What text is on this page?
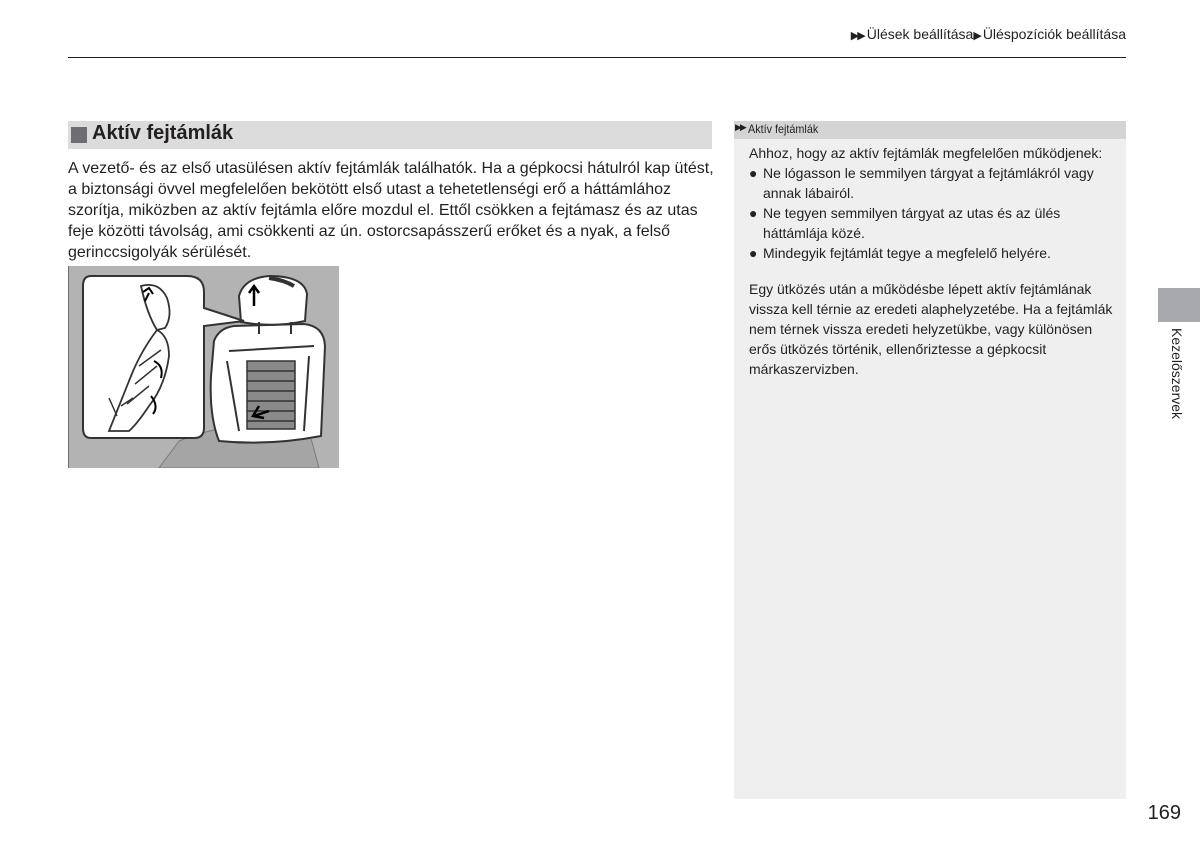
▶▶ Ülések beállítása▶Üléspozíciók beállítása
Aktív fejtámlák

A vezető- és az első utasülésen aktív fejtámlák találhatók. Ha a gépkocsi hátulról kap ütést, a biztonsági övvel megfelelően bekötött első utast a tehetetlenségi erő a háttámlához szorítja, miközben az aktív fejtámla előre mozdul el. Ettől csökken a fejtámasz és az utas feje közötti távolság, ami csökkenti az ún. ostorcsapásszerű erőket és a nyak, a felső gerinccsigolyák sérülését.

▶▶ Aktív fejtámlák

Ahhoz, hogy az aktív fejtámlák megfelelően működjenek:

● Ne lógasson le semmilyen tárgyat a fejtámlákról vagy annak lábairól.
● Ne tegyen semmilyen tárgyat az utas és az ülés háttámlája közé.
● Mindegyik fejtámlát tegye a megfelelő helyére.

Egy ütközés után a működésbe lépett aktív fejtámlának vissza kell térnie az eredeti alaphelyzetébe. Ha a fejtámlák nem térnek vissza eredeti helyzetükbe, vagy különösen erős ütközés történik, ellenőriztesse a gépkocsit márkaszervizben.	Kezelőszervek
169
